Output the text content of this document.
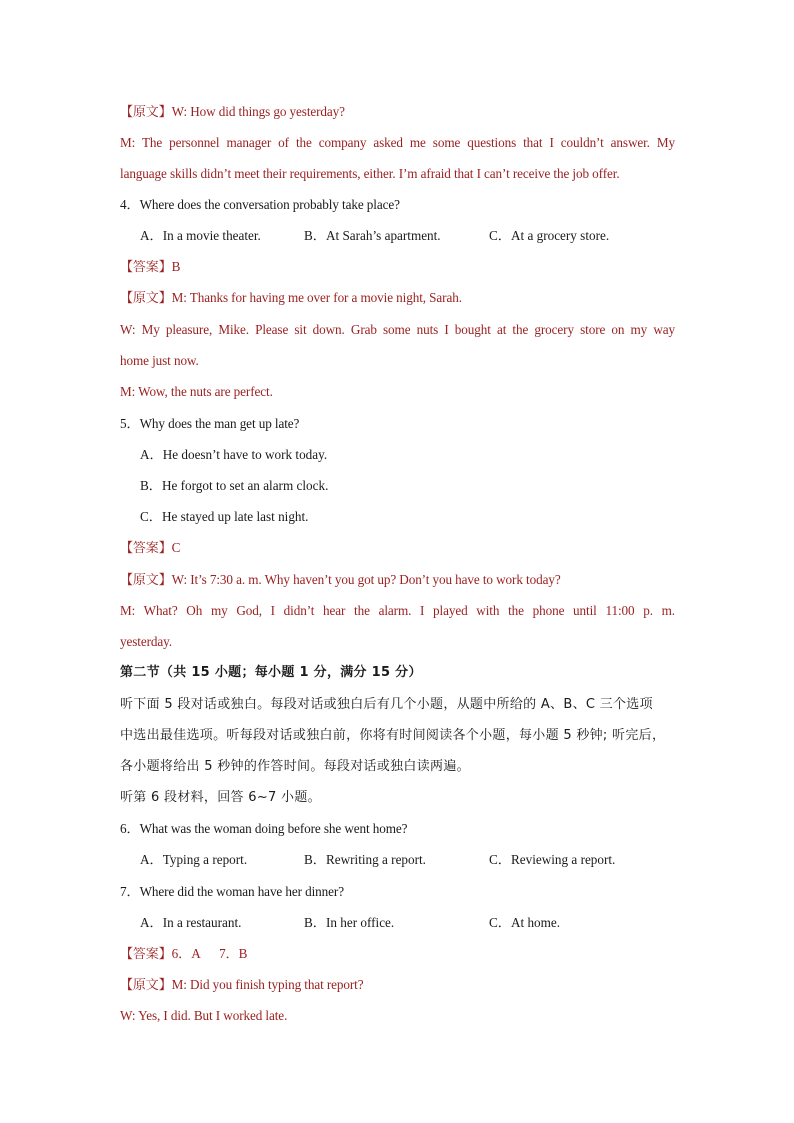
【原文】W: How did things go yesterday?
M: The personnel manager of the company asked me some questions that I couldn’t answer. My
language skills didn’t meet their requirements, either. I’m afraid that I can’t receive the job offer.
4．Where does the conversation probably take place?
A．In a movie theater.	B．At Sarah’s apartment.	C．At a grocery store.
【答案】B
【原文】M: Thanks for having me over for a movie night, Sarah.
W: My pleasure, Mike. Please sit down. Grab some nuts I bought at the grocery store on my way
home just now.
M: Wow, the nuts are perfect.
5．Why does the man get up late?
A．He doesn’t have to work today.
B．He forgot to set an alarm clock.
C．He stayed up late last night.
【答案】C
【原文】W: It’s 7:30 a. m. Why haven’t you got up? Don’t you have to work today?
M: What? Oh my God, I didn’t hear the alarm. I played with the phone until 11:00 p. m.
yesterday.
第二节（共 15 小题；每小题 1 分，满分 15 分）
听下面 5 段对话或独白。每段对话或独白后有几个小题，从题中所给的 A、B、C 三个选项
中选出最佳选项。听每段对话或独白前，你将有时间阅读各个小题，每小题 5 秒钟; 听完后，
各小题将给出 5 秒钟的作答时间。每段对话或独白读两遍。
听第 6 段材料，回答 6~7 小题。
6．What was the woman doing before she went home?
A．Typing a report.	B．Rewriting a report.	C．Reviewing a report.
7．Where did the woman have her dinner?
A．In a restaurant.	B．In her office.	C．At home.
【答案】6．A      7．B
【原文】M: Did you finish typing that report?
W: Yes, I did. But I worked late.
